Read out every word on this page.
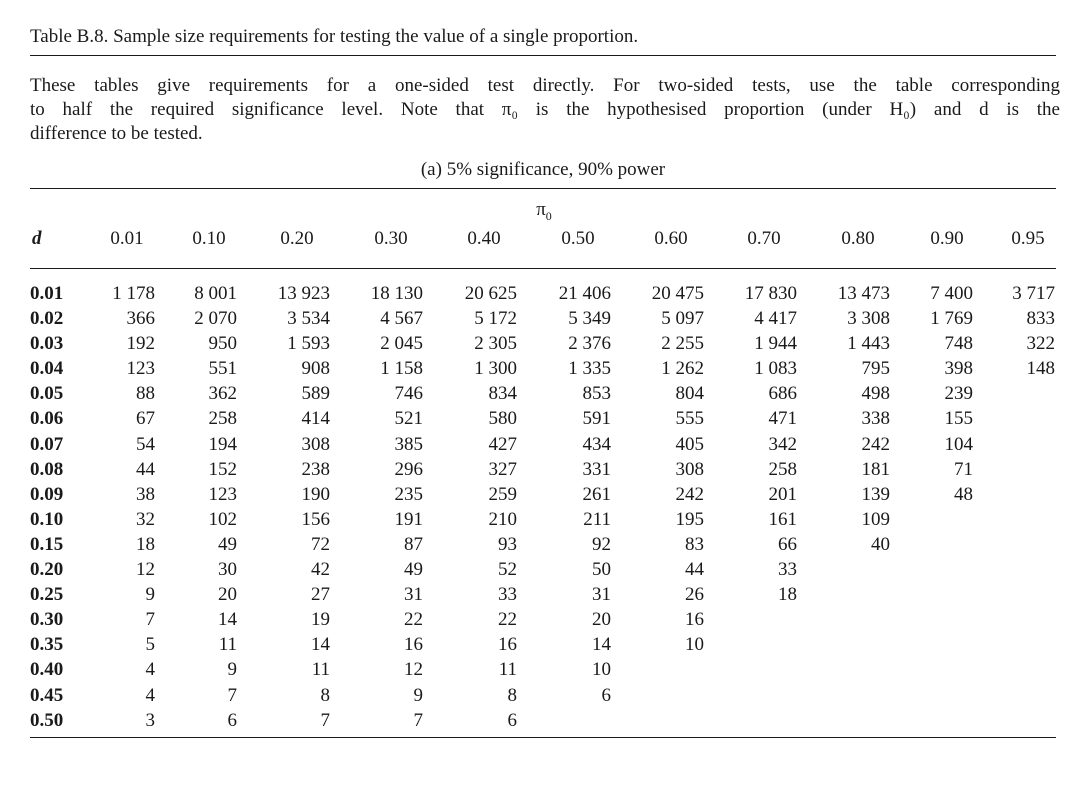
Table B.8. Sample size requirements for testing the value of a single proportion.
These tables give requirements for a one-sided test directly. For two-sided tests, use the table corresponding
to half the required significance level. Note that π₀ is the hypothesised proportion (under H₀) and d is the
difference to be tested.
(a) 5% significance, 90% power
$\pi_0$
d	0.01	0.10	0.20	0.30	0.40	0.50	0.60	0.70	0.80	0.90	0.95
0.01	1 178	8 001	13 923	18 130	20 625	21 406	20 475	17 830	13 473	7 400	3 717
0.02	366	2 070	3 534	4 567	5 172	5 349	5 097	4 417	3 308	1 769	833
0.03	192	950	1 593	2 045	2 305	2 376	2 255	1 944	1 443	748	322
0.04	123	551	908	1 158	1 300	1 335	1 262	1 083	795	398	148
0.05	88	362	589	746	834	853	804	686	498	239	
0.06	67	258	414	521	580	591	555	471	338	155	
0.07	54	194	308	385	427	434	405	342	242	104	
0.08	44	152	238	296	327	331	308	258	181	71	
0.09	38	123	190	235	259	261	242	201	139	48	
0.10	32	102	156	191	210	211	195	161	109		
0.15	18	49	72	87	93	92	83	66	40		
0.20	12	30	42	49	52	50	44	33			
0.25	9	20	27	31	33	31	26	18			
0.30	7	14	19	22	22	20	16				
0.35	5	11	14	16	16	14	10				
0.40	4	9	11	12	11	10					
0.45	4	7	8	9	8	6					
0.50	3	6	7	7	6						
